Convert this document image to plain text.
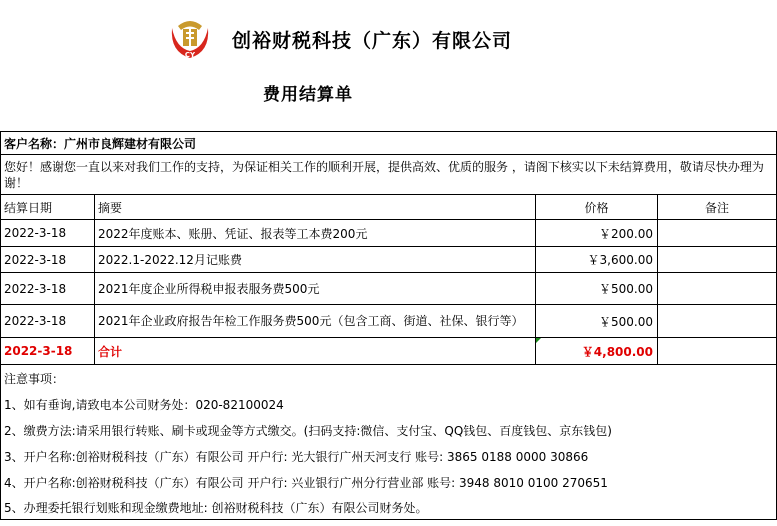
CY
创裕财税科技（广东）有限公司
费用结算单
客户名称：广州市良辉建材有限公司			
您好！感谢您一直以来对我们工作的支持，为保证相关工作的顺利开展，提供高效、优质的服务 ，请阁下核实以下未结算费用，敬请尽快办理为谢！			
结算日期	摘要	价格	备注
2022-3-18	2022年度账本、账册、凭证、报表等工本费200元	￥200.00	
2022-3-18	2022.1-2022.12月记账费	￥3,600.00	
2022-3-18	2021年度企业所得税申报表服务费500元	￥500.00	
2022-3-18	2021年企业政府报告年检工作服务费500元（包含工商、街道、社保、银行等）	￥500.00	
2022-3-18	合计	￥4,800.00	
注意事项：			
1、如有垂询,请致电本公司财务处：020-82100024			
2、缴费方法:请采用银行转账、刷卡或现金等方式缴交。(扫码支持:微信、支付宝、QQ钱包、百度钱包、京东钱包)			
3、开户名称:创裕财税科技（广东）有限公司 开户行: 光大银行广州天河支行 账号: 3865 0188 0000 30866			
4、开户名称:创裕财税科技（广东）有限公司 开户行: 兴业银行广州分行营业部 账号: 3948 8010 0100 270651			
5、办理委托银行划账和现金缴费地址: 创裕财税科技（广东）有限公司财务处。			
